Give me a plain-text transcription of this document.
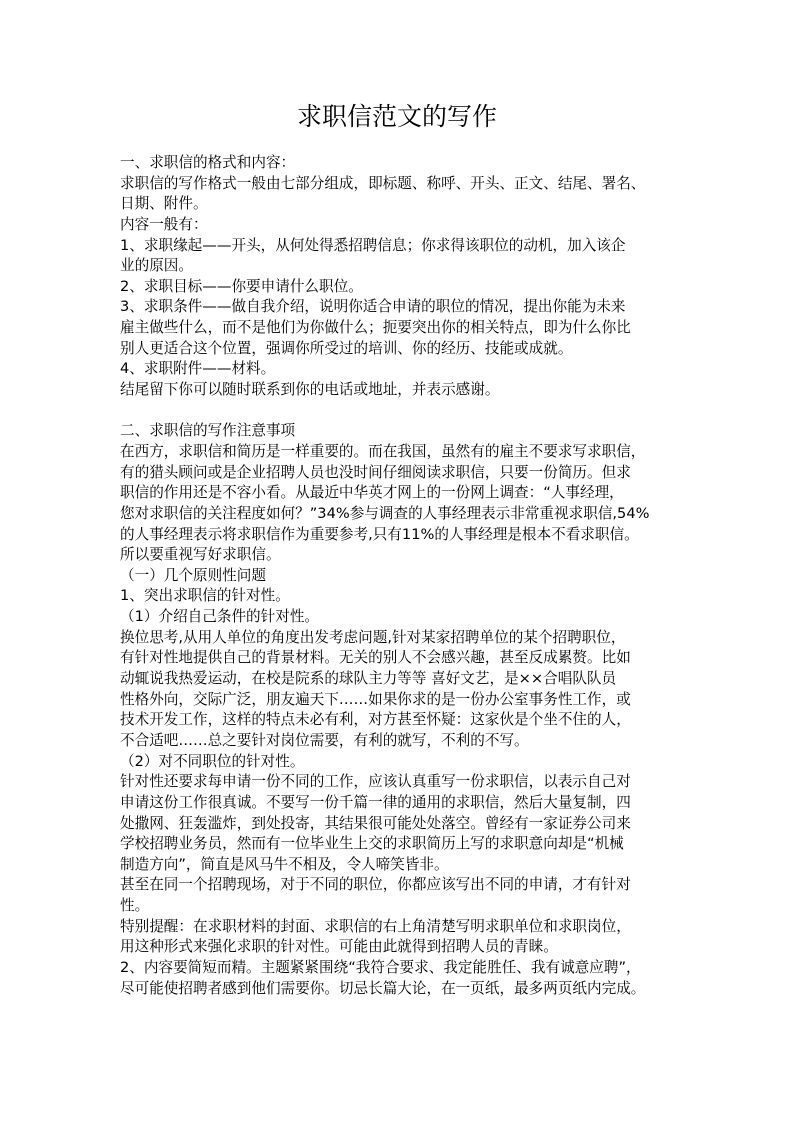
求职信范文的写作
一、求职信的格式和内容：
求职信的写作格式一般由七部分组成，即标题、称呼、开头、正文、结尾、署名、
日期、附件。
内容一般有：
1、求职缘起——开头，从何处得悉招聘信息；你求得该职位的动机，加入该企
业的原因。
2、求职目标——你要申请什么职位。
3、求职条件——做自我介绍，说明你适合申请的职位的情况，提出你能为未来
雇主做些什么，而不是他们为你做什么；扼要突出你的相关特点，即为什么你比
别人更适合这个位置，强调你所受过的培训、你的经历、技能或成就。
4、求职附件——材料。
结尾留下你可以随时联系到你的电话或地址，并表示感谢。
二、求职信的写作注意事项
在西方，求职信和简历是一样重要的。而在我国，虽然有的雇主不要求写求职信，
有的猎头顾问或是企业招聘人员也没时间仔细阅读求职信，只要一份简历。但求
职信的作用还是不容小看。从最近中华英才网上的一份网上调查：“人事经理，
您对求职信的关注程度如何？”34%参与调查的人事经理表示非常重视求职信,54%
的人事经理表示将求职信作为重要参考,只有11%的人事经理是根本不看求职信。
所以要重视写好求职信。
（一）几个原则性问题
1、突出求职信的针对性。
（1）介绍自己条件的针对性。
换位思考,从用人单位的角度出发考虑问题,针对某家招聘单位的某个招聘职位，
有针对性地提供自己的背景材料。无关的别人不会感兴趣，甚至反成累赘。比如
动辄说我热爱运动，在校是院系的球队主力等等 喜好文艺，是××合唱队队员
性格外向，交际广泛，朋友遍天下……如果你求的是一份办公室事务性工作，或
技术开发工作，这样的特点未必有利，对方甚至怀疑：这家伙是个坐不住的人，
不合适吧……总之要针对岗位需要，有利的就写，不利的不写。
（2）对不同职位的针对性。
针对性还要求每申请一份不同的工作，应该认真重写一份求职信，以表示自己对
申请这份工作很真诚。不要写一份千篇一律的通用的求职信，然后大量复制，四
处撒网、狂轰滥炸，到处投寄，其结果很可能处处落空。曾经有一家证券公司来
学校招聘业务员，然而有一位毕业生上交的求职简历上写的求职意向却是“机械
制造方向”，简直是风马牛不相及，令人啼笑皆非。
甚至在同一个招聘现场，对于不同的职位，你都应该写出不同的申请，才有针对
性。
特别提醒：在求职材料的封面、求职信的右上角清楚写明求职单位和求职岗位，
用这种形式来强化求职的针对性。可能由此就得到招聘人员的青睐。
2、内容要简短而精。主题紧紧围绕“我符合要求、我定能胜任、我有诚意应聘”，
尽可能使招聘者感到他们需要你。切忌长篇大论，在一页纸，最多两页纸内完成。
